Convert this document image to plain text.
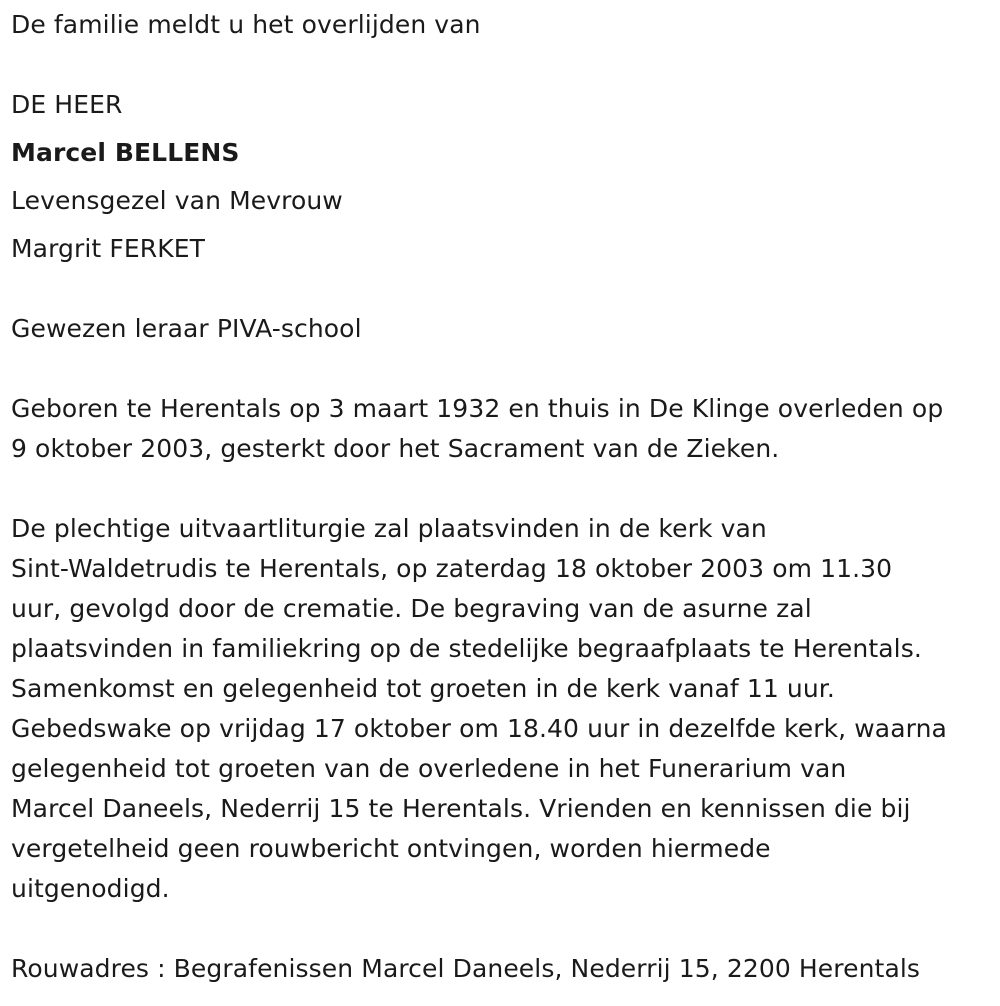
De familie meldt u het overlijden van
DE HEER
Marcel BELLENS
Levensgezel van Mevrouw
Margrit FERKET
Gewezen leraar PIVA-school
Geboren te Herentals op 3 maart 1932 en thuis in De Klinge overleden op
9 oktober 2003, gesterkt door het Sacrament van de Zieken.
De plechtige uitvaartliturgie zal plaatsvinden in de kerk van
Sint-Waldetrudis te Herentals, op zaterdag 18 oktober 2003 om 11.30
uur, gevolgd door de crematie. De begraving van de asurne zal
plaatsvinden in familiekring op de stedelijke begraafplaats te Herentals.
Samenkomst en gelegenheid tot groeten in de kerk vanaf 11 uur.
Gebedswake op vrijdag 17 oktober om 18.40 uur in dezelfde kerk, waarna
gelegenheid tot groeten van de overledene in het Funerarium van
Marcel Daneels, Nederrij 15 te Herentals. Vrienden en kennissen die bij
vergetelheid geen rouwbericht ontvingen, worden hiermede
uitgenodigd.
Rouwadres : Begrafenissen Marcel Daneels, Nederrij 15, 2200 Herentals
